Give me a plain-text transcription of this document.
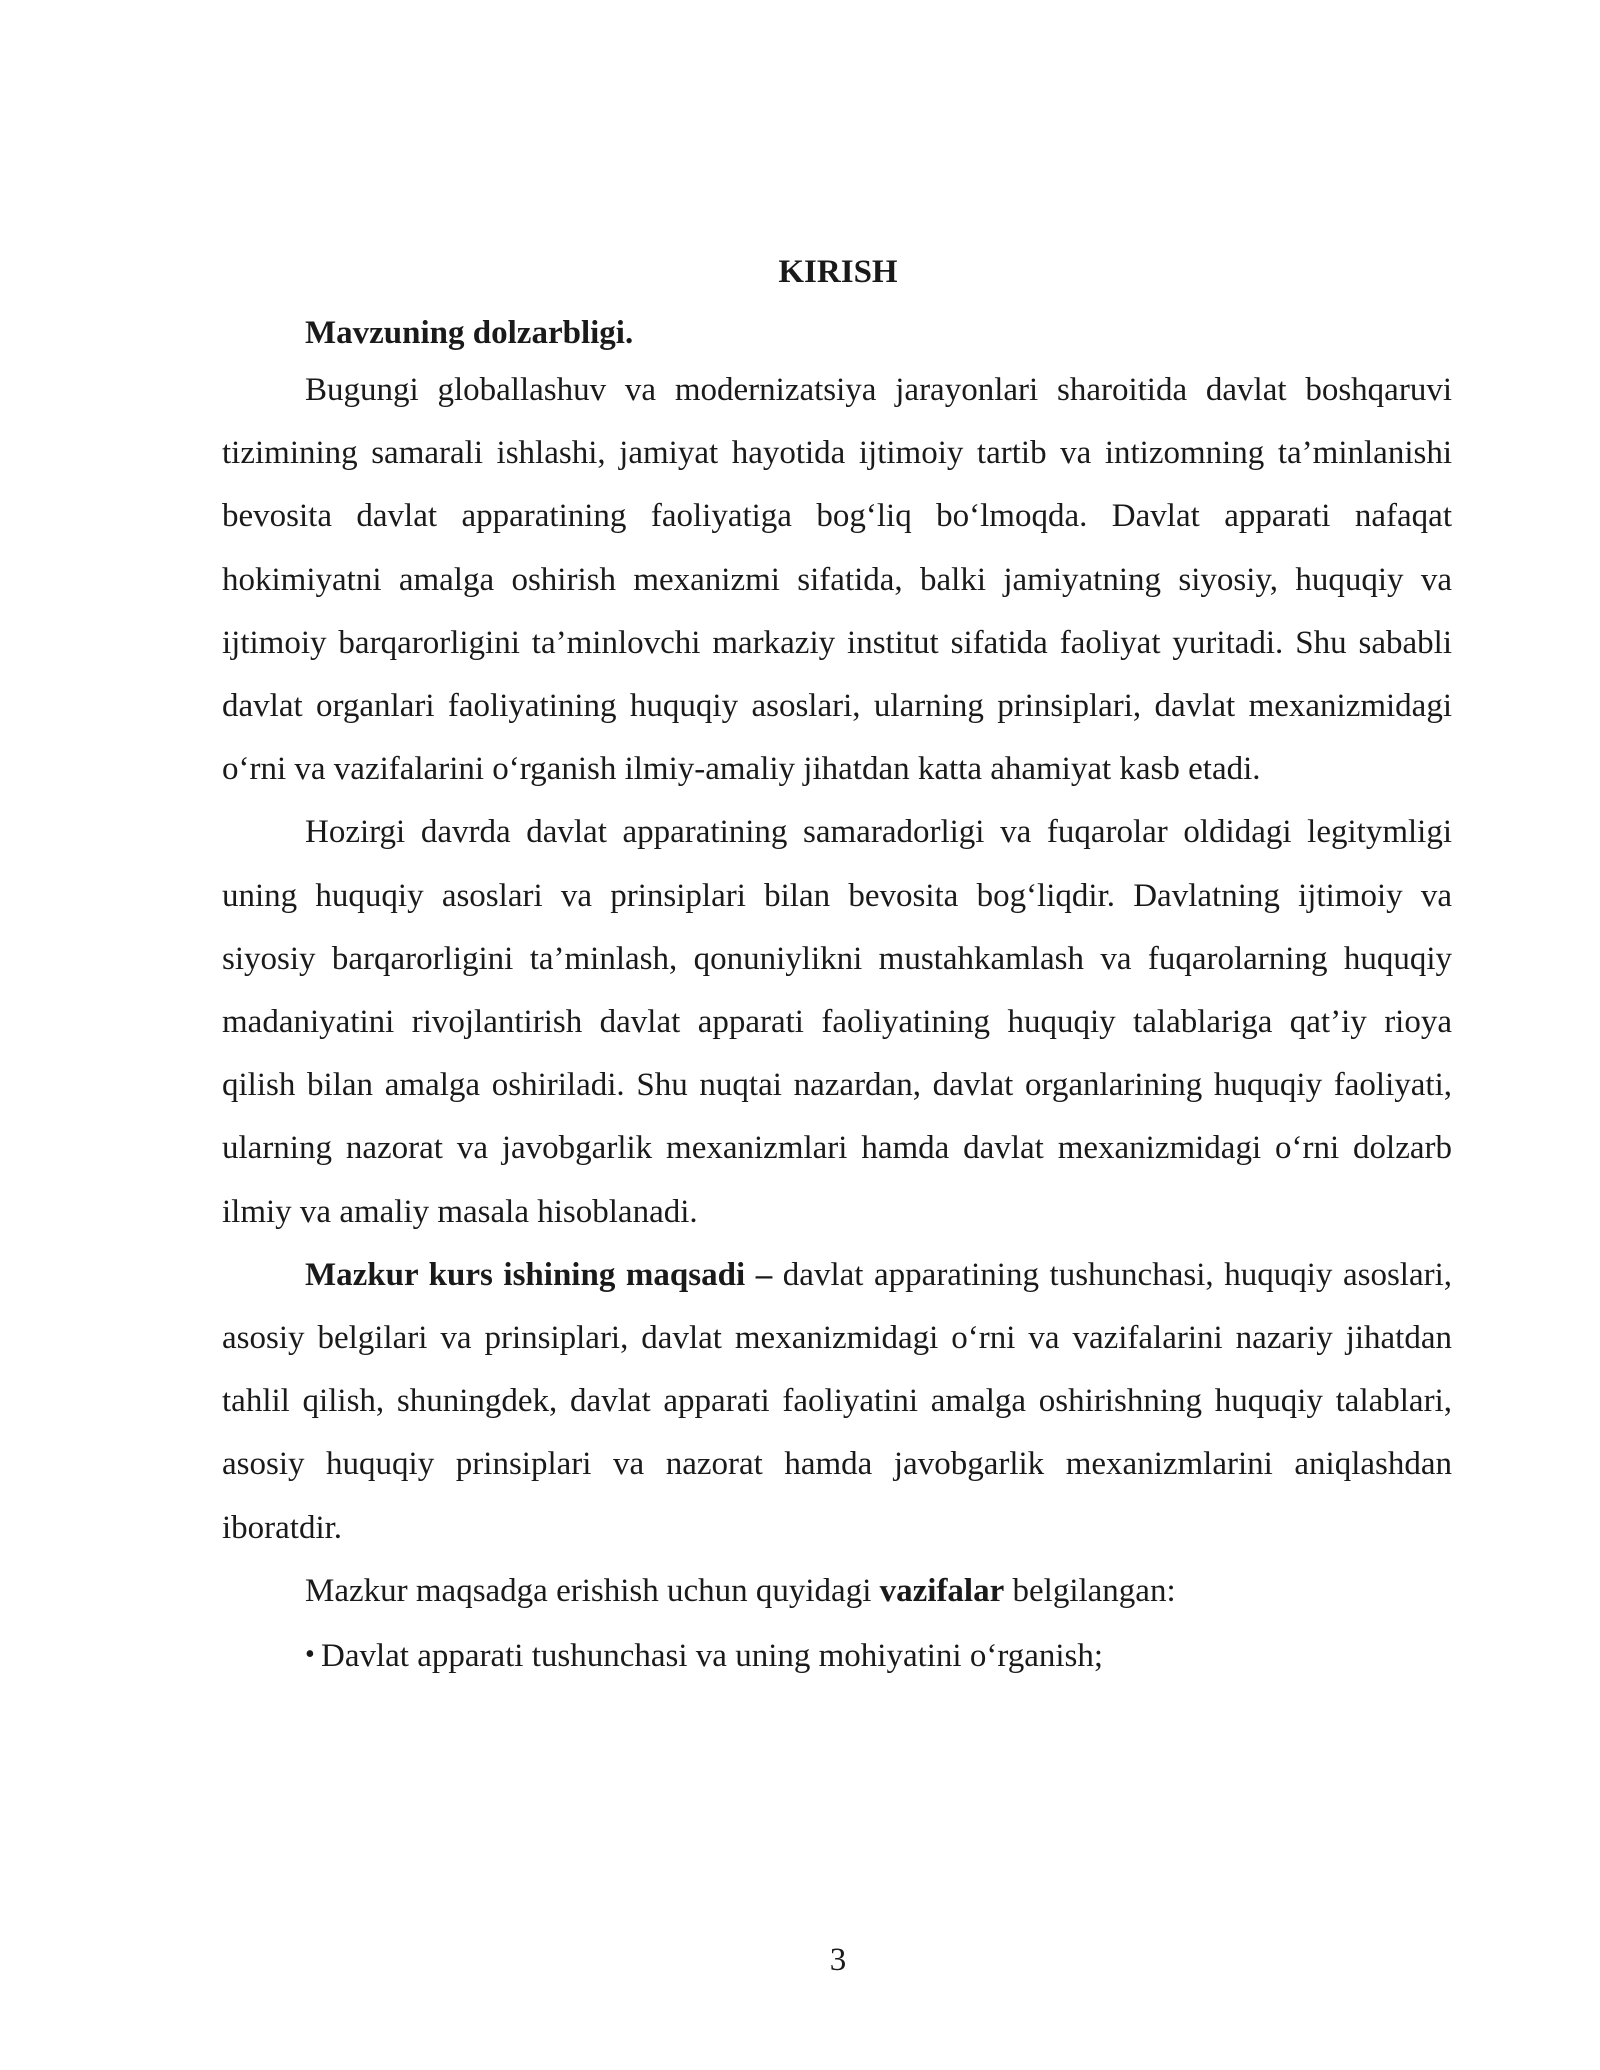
KIRISH
Mavzuning dolzarbligi.

Bugungi globallashuv va modernizatsiya jarayonlari sharoitida davlat boshqaruvi tizimining samarali ishlashi, jamiyat hayotida ijtimoiy tartib va intizomning ta’minlanishi bevosita davlat apparatining faoliyatiga bog‘liq bo‘lmoqda. Davlat apparati nafaqat hokimiyatni amalga oshirish mexanizmi sifatida, balki jamiyatning siyosiy, huquqiy va ijtimoiy barqarorligini ta’minlovchi markaziy institut sifatida faoliyat yuritadi. Shu sababli davlat organlari faoliyatining huquqiy asoslari, ularning prinsiplari, davlat mexanizmidagi o‘rni va vazifalarini o‘rganish ilmiy-amaliy jihatdan katta ahamiyat kasb etadi.

Hozirgi davrda davlat apparatining samaradorligi va fuqarolar oldidagi legitymligi uning huquqiy asoslari va prinsiplari bilan bevosita bog‘liqdir. Davlatning ijtimoiy va siyosiy barqarorligini ta’minlash, qonuniylikni mustahkamlash va fuqarolarning huquqiy madaniyatini rivojlantirish davlat apparati faoliyatining huquqiy talablariga qat’iy rioya qilish bilan amalga oshiriladi. Shu nuqtai nazardan, davlat organlarining huquqiy faoliyati, ularning nazorat va javobgarlik mexanizmlari hamda davlat mexanizmidagi o‘rni dolzarb ilmiy va amaliy masala hisoblanadi.

Mazkur kurs ishining maqsadi – davlat apparatining tushunchasi, huquqiy asoslari, asosiy belgilari va prinsiplari, davlat mexanizmidagi o‘rni va vazifalarini nazariy jihatdan tahlil qilish, shuningdek, davlat apparati faoliyatini amalga oshirishning huquqiy talablari, asosiy huquqiy prinsiplari va nazorat hamda javobgarlik mexanizmlarini aniqlashdan iboratdir.

Mazkur maqsadga erishish uchun quyidagi vazifalar belgilangan:

• Davlat apparati tushunchasi va uning mohiyatini o‘rganish;

3
